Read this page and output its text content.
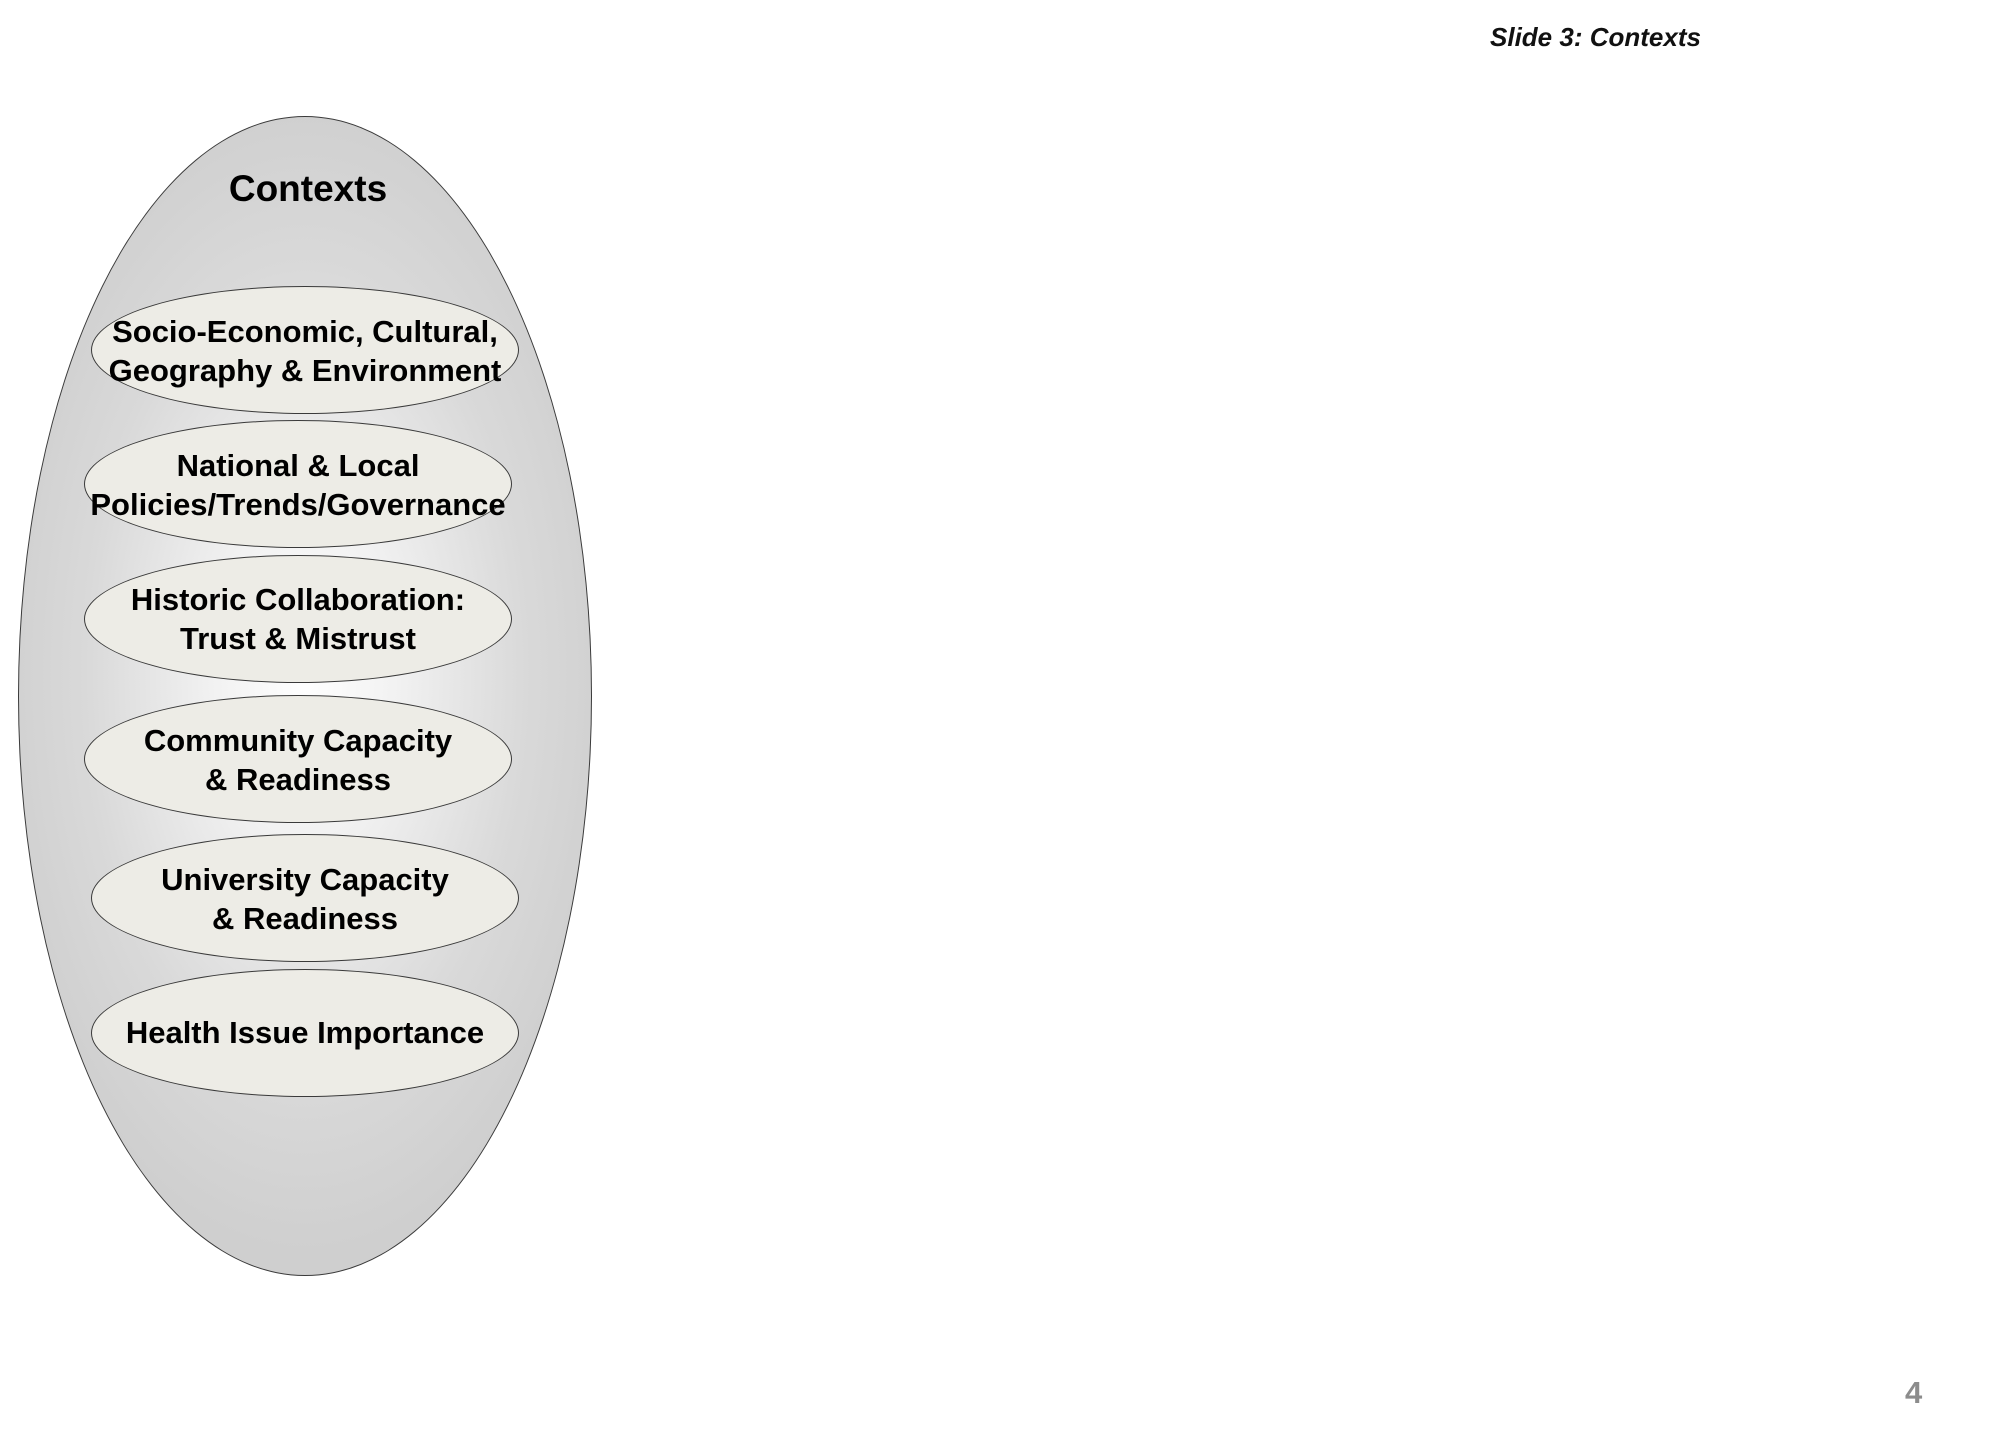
Slide 3: Contexts
Contexts
Socio-Economic, Cultural,
Geography & Environment
National & Local
Policies/Trends/Governance
Historic Collaboration:
Trust & Mistrust
Community Capacity
& Readiness
University Capacity
& Readiness
Health Issue Importance
4
